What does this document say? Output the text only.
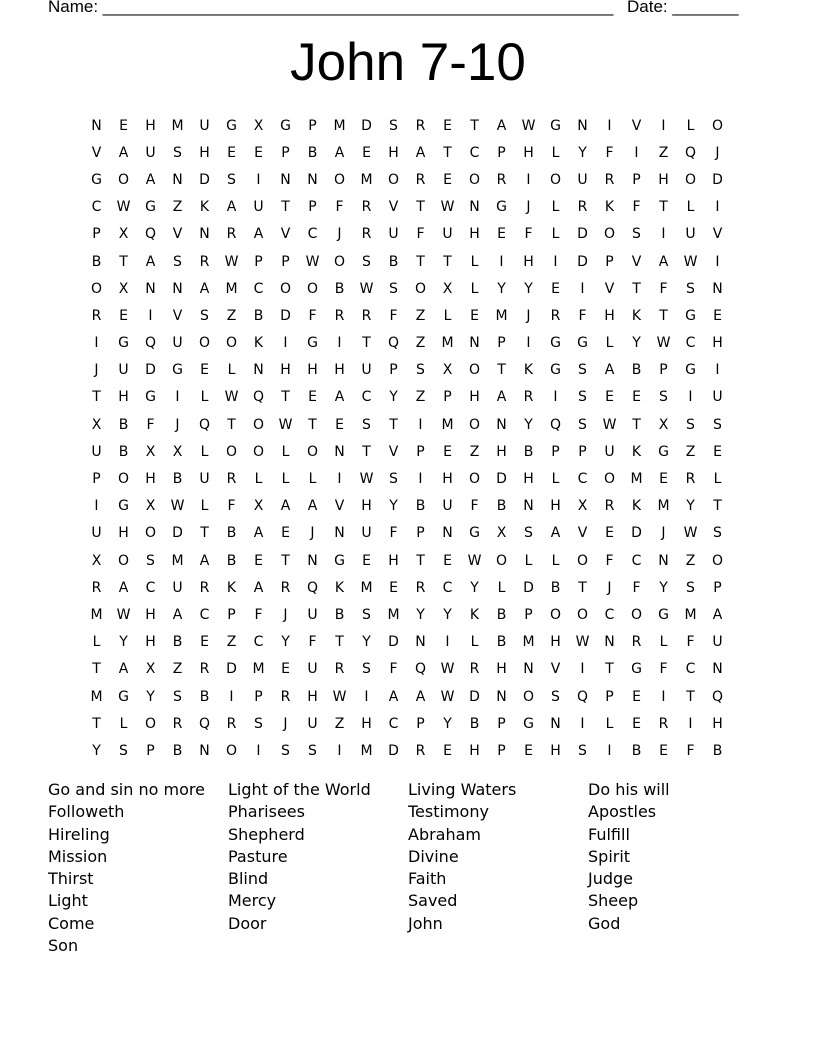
Name: ______________________________________________________ Date: _______
John 7-10
N	E	H	M	U	G	X	G	P	M	D	S	R	E	T	A	W	G	N	I	V	I	L	O
V	A	U	S	H	E	E	P	B	A	E	H	A	T	C	P	H	L	Y	F	I	Z	Q	J
G	O	A	N	D	S	I	N	N	O	M	O	R	E	O	R	I	O	U	R	P	H	O	D
C	W	G	Z	K	A	U	T	P	F	R	V	T	W	N	G	J	L	R	K	F	T	L	I
P	X	Q	V	N	R	A	V	C	J	R	U	F	U	H	E	F	L	D	O	S	I	U	V
B	T	A	S	R	W	P	P	W	O	S	B	T	T	L	I	H	I	D	P	V	A	W	I
O	X	N	N	A	M	C	O	O	B	W	S	O	X	L	Y	Y	E	I	V	T	F	S	N
R	E	I	V	S	Z	B	D	F	R	R	F	Z	L	E	M	J	R	F	H	K	T	G	E
I	G	Q	U	O	O	K	I	G	I	T	Q	Z	M	N	P	I	G	G	L	Y	W	C	H
J	U	D	G	E	L	N	H	H	H	U	P	S	X	O	T	K	G	S	A	B	P	G	I
T	H	G	I	L	W	Q	T	E	A	C	Y	Z	P	H	A	R	I	S	E	E	S	I	U
X	B	F	J	Q	T	O	W	T	E	S	T	I	M	O	N	Y	Q	S	W	T	X	S	S
U	B	X	X	L	O	O	L	O	N	T	V	P	E	Z	H	B	P	P	U	K	G	Z	E
P	O	H	B	U	R	L	L	L	I	W	S	I	H	O	D	H	L	C	O	M	E	R	L
I	G	X	W	L	F	X	A	A	V	H	Y	B	U	F	B	N	H	X	R	K	M	Y	T
U	H	O	D	T	B	A	E	J	N	U	F	P	N	G	X	S	A	V	E	D	J	W	S
X	O	S	M	A	B	E	T	N	G	E	H	T	E	W	O	L	L	O	F	C	N	Z	O
R	A	C	U	R	K	A	R	Q	K	M	E	R	C	Y	L	D	B	T	J	F	Y	S	P
M	W	H	A	C	P	F	J	U	B	S	M	Y	Y	K	B	P	O	O	C	O	G	M	A
L	Y	H	B	E	Z	C	Y	F	T	Y	D	N	I	L	B	M	H	W	N	R	L	F	U
T	A	X	Z	R	D	M	E	U	R	S	F	Q	W	R	H	N	V	I	T	G	F	C	N
M	G	Y	S	B	I	P	R	H	W	I	A	A	W	D	N	O	S	Q	P	E	I	T	Q
T	L	O	R	Q	R	S	J	U	Z	H	C	P	Y	B	P	G	N	I	L	E	R	I	H
Y	S	P	B	N	O	I	S	S	I	M	D	R	E	H	P	E	H	S	I	B	E	F	B
Go and sin no more
Followeth
Hireling
Mission
Thirst
Light
Come
Son
Light of the World
Pharisees
Shepherd
Pasture
Blind
Mercy
Door
Living Waters
Testimony
Abraham
Divine
Faith
Saved
John
Do his will
Apostles
Fulfill
Spirit
Judge
Sheep
God
